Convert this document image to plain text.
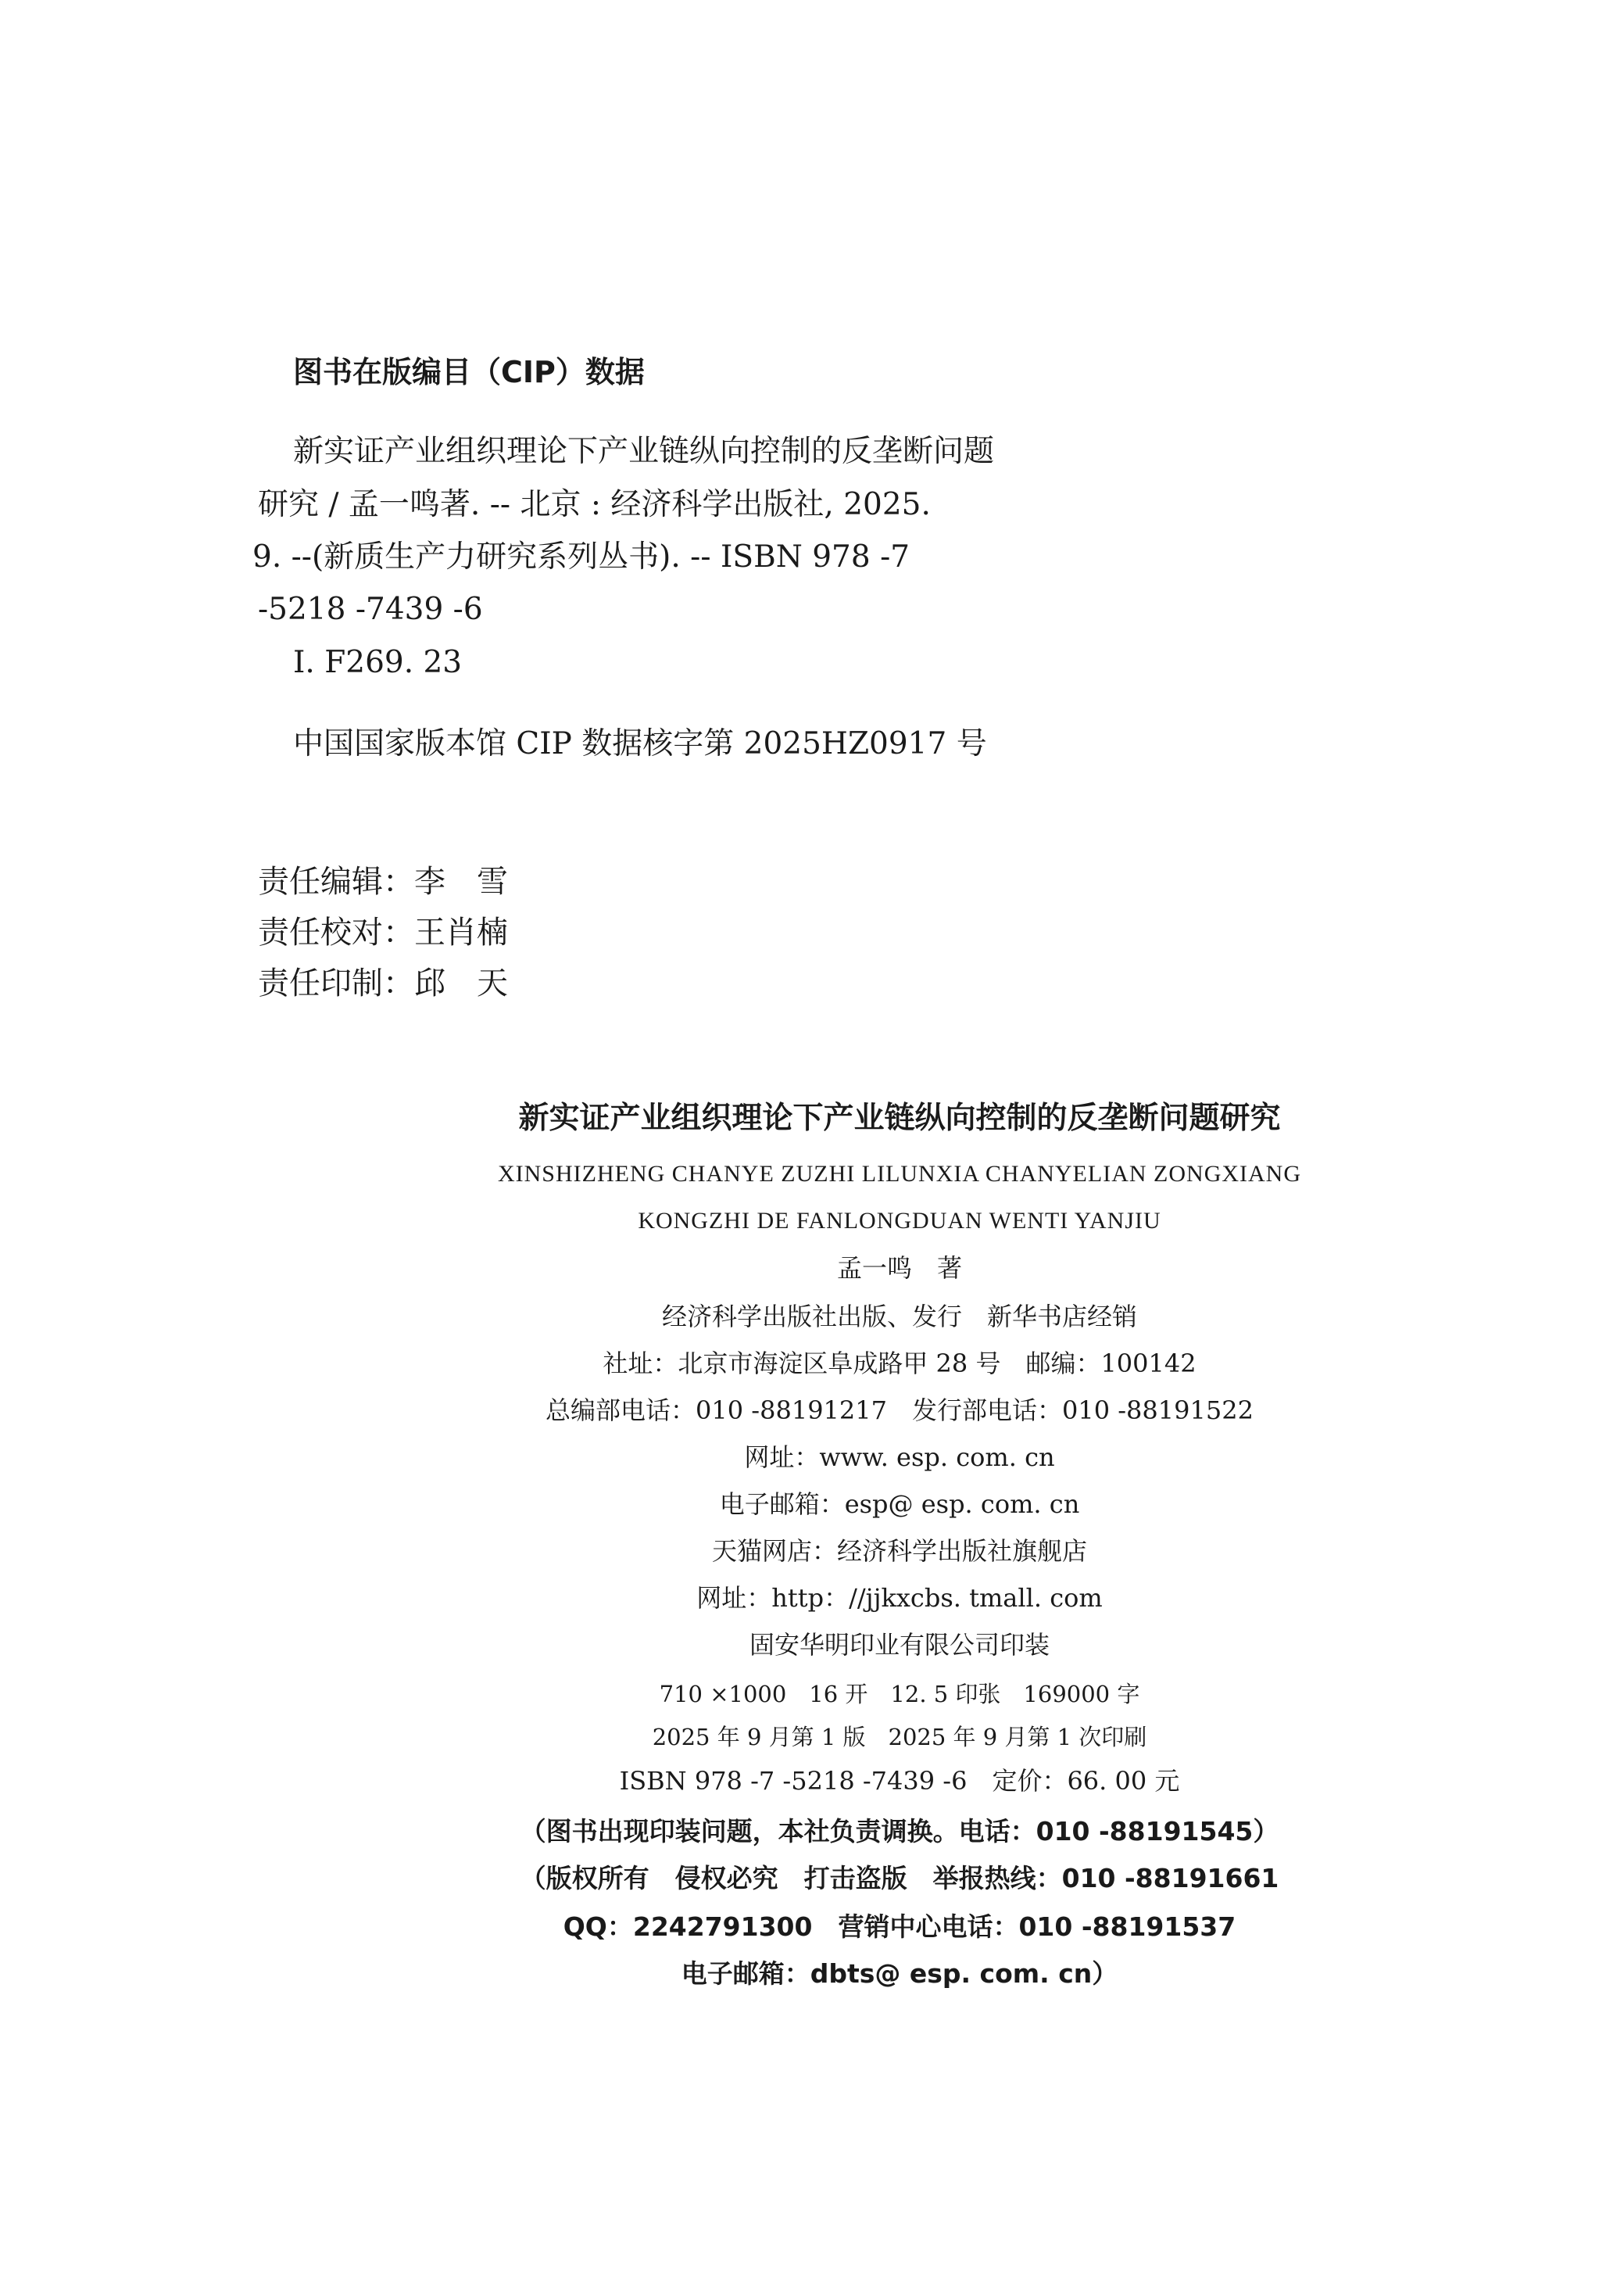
图书在版编目（CIP）数据
新实证产业组织理论下产业链纵向控制的反垄断问题
研究 / 孟一鸣著. -- 北京 : 经济科学出版社, 2025.
9. --(新质生产力研究系列丛书). -- ISBN 978 -7
-5218 -7439 -6
Ⅰ. F269. 23
中国国家版本馆 CIP 数据核字第 2025HZ0917 号
责任编辑：李　雪
责任校对：王肖楠
责任印制：邱　天
新实证产业组织理论下产业链纵向控制的反垄断问题研究
XINSHIZHENG CHANYE ZUZHI LILUNXIA CHANYELIAN ZONGXIANG
KONGZHI DE FANLONGDUAN WENTI YANJIU
孟一鸣　著
经济科学出版社出版、发行　新华书店经销
社址：北京市海淀区阜成路甲 28 号　邮编：100142
总编部电话：010 -88191217　发行部电话：010 -88191522
网址：www. esp. com. cn
电子邮箱：esp@ esp. com. cn
天猫网店：经济科学出版社旗舰店
网址：http：//jjkxcbs. tmall. com
固安华明印业有限公司印装
710 ×1000　16 开　12. 5 印张　169000 字
2025 年 9 月第 1 版　2025 年 9 月第 1 次印刷
ISBN 978 -7 -5218 -7439 -6　定价：66. 00 元
（图书出现印装问题，本社负责调换。电话：010 -88191545）
（版权所有　侵权必究　打击盗版　举报热线：010 -88191661
QQ：2242791300　营销中心电话：010 -88191537
电子邮箱：dbts@ esp. com. cn）
